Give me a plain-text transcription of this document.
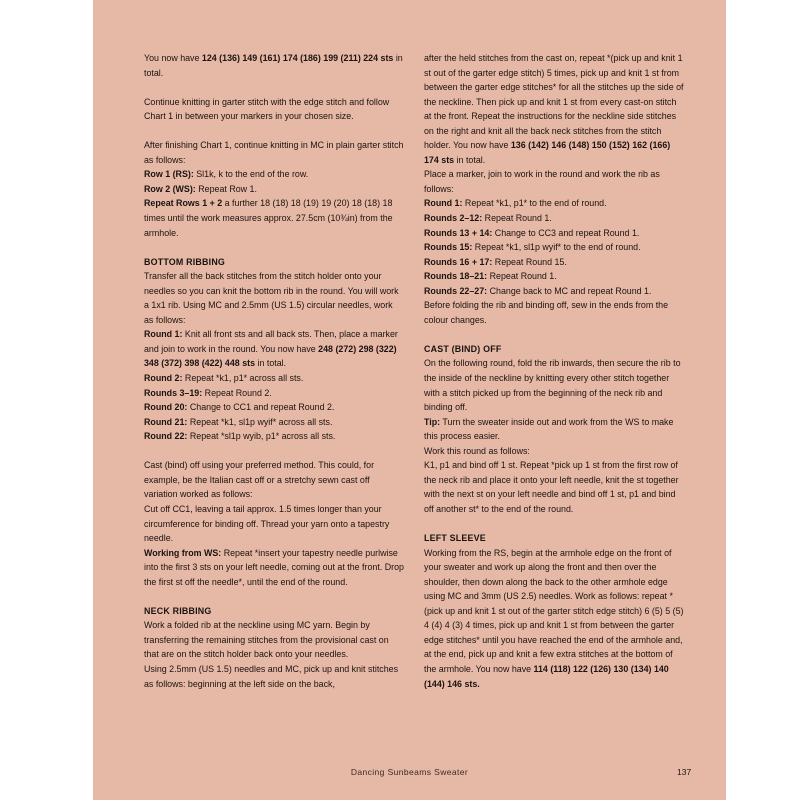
You now have 124 (136) 149 (161) 174 (186) 199 (211) 224 sts in total.

Continue knitting in garter stitch with the edge stitch and follow Chart 1 in between your markers in your chosen size.

After finishing Chart 1, continue knitting in MC in plain garter stitch as follows:

Row 1 (RS): Sl1k, k to the end of the row.
Row 2 (WS): Repeat Row 1.

Repeat Rows 1 + 2 a further 18 (18) 18 (19) 19 (20) 18 (18) 18 times until the work measures approx. 27.5cm (10¾in) from the armhole.

BOTTOM RIBBING

Transfer all the back stitches from the stitch holder onto your needles so you can knit the bottom rib in the round. You will work a 1x1 rib. Using MC and 2.5mm (US 1.5) circular needles, work as follows:

Round 1: Knit all front sts and all back sts. Then, place a marker and join to work in the round. You now have 248 (272) 298 (322) 348 (372) 398 (422) 448 sts in total.
Round 2: Repeat *k1, p1* across all sts.
Rounds 3–19: Repeat Round 2.
Round 20: Change to CC1 and repeat Round 2.
Round 21: Repeat *k1, sl1p wyif* across all sts.

Round 22: Repeat *sl1p wyib, p1* across all sts.

Cast (bind) off using your preferred method. This could, for example, be the Italian cast off or a stretchy sewn cast off variation worked as follows:

Cut off CC1, leaving a tail approx. 1.5 times longer than your circumference for binding off. Thread your yarn onto a tapestry needle.

Working from WS: Repeat *insert your tapestry needle purlwise into the first 3 sts on your left needle, coming out at the front. Drop the first st off the needle*, until the end of the round.

NECK RIBBING

Work a folded rib at the neckline using MC yarn. Begin by transferring the remaining stitches from the provisional cast on that are on the stitch holder back onto your needles.

Using 2.5mm (US 1.5) needles and MC, pick up and knit stitches as follows: beginning at the left side on the back,

after the held stitches from the cast on, repeat *(pick up and knit 1 st out of the garter edge stitch) 5 times, pick up and knit 1 st from between the garter edge stitches* for all the stitches up the side of the neckline. Then pick up and knit 1 st from every cast-on stitch at the front. Repeat the instructions for the neckline side stitches on the right and knit all the back neck stitches from the stitch holder. You now have 136 (142) 146 (148) 150 (152) 162 (166) 174 sts in total.

Place a marker, join to work in the round and work the rib as follows:

Round 1: Repeat *k1, p1* to the end of round.
Rounds 2–12: Repeat Round 1.
Rounds 13 + 14: Change to CC3 and repeat Round 1.
Rounds 15: Repeat *k1, sl1p wyif* to the end of round.
Rounds 16 + 17: Repeat Round 15.
Rounds 18–21: Repeat Round 1.
Rounds 22–27: Change back to MC and repeat Round 1.

Before folding the rib and binding off, sew in the ends from the colour changes.

CAST (BIND) OFF

On the following round, fold the rib inwards, then secure the rib to the inside of the neckline by knitting every other stitch together with a stitch picked up from the beginning of the neck rib and binding off.

Tip: Turn the sweater inside out and work from the WS to make this process easier.

Work this round as follows:

K1, p1 and bind off 1 st. Repeat *pick up 1 st from the first row of the neck rib and place it onto your left needle, knit the st together with the next st on your left needle and bind off 1 st, p1 and bind off another st* to the end of the round.

LEFT SLEEVE

Working from the RS, begin at the armhole edge on the front of your sweater and work up along the front and then over the shoulder, then down along the back to the other armhole edge using MC and 3mm (US 2.5) needles. Work as follows: repeat *(pick up and knit 1 st out of the garter stitch edge stitch) 6 (5) 5 (5) 4 (4) 4 (3) 4 times, pick up and knit 1 st from between the garter edge stitches* until you have reached the end of the armhole and, at the end, pick up and knit a few extra stitches at the bottom of the armhole. You now have 114 (118) 122 (126) 130 (134) 140 (144) 146 sts.

Dancing Sunbeams Sweater	137
